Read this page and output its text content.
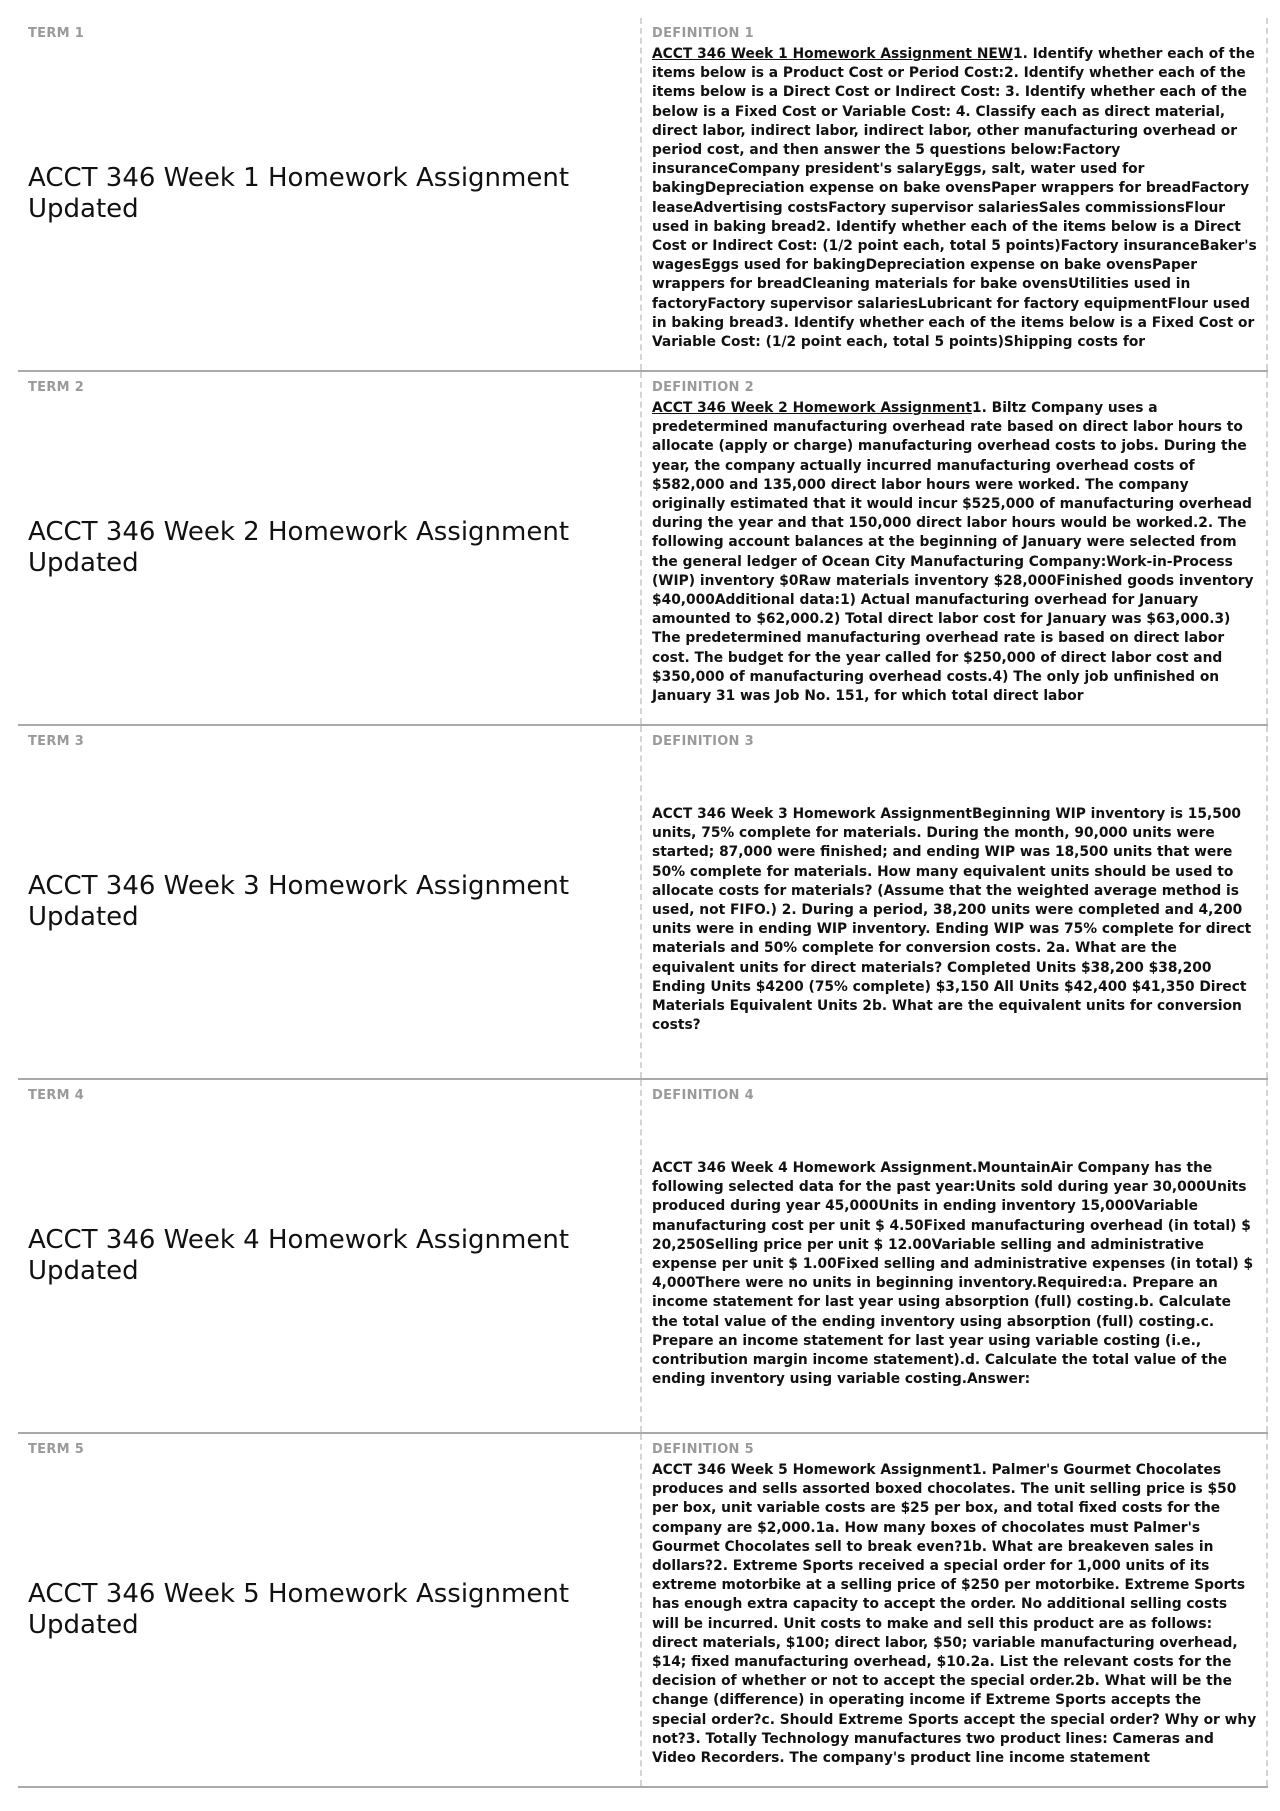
TERM 1
ACCT 346 Week 1 Homework Assignment Updated
DEFINITION 1
ACCT 346 Week 1 Homework Assignment NEW1. Identify whether each of the items below is a Product Cost or Period Cost:2. Identify whether each of the items below is a Direct Cost or Indirect Cost: 3. Identify whether each of the below is a Fixed Cost or Variable Cost: 4. Classify each as direct material, direct labor, indirect labor, indirect labor, other manufacturing overhead or period cost, and then answer the 5 questions below:Factory insuranceCompany president's salaryEggs, salt, water used for bakingDepreciation expense on bake ovensPaper wrappers for breadFactory leaseAdvertising costsFactory supervisor salariesSales commissionsFlour used in baking bread2. Identify whether each of the items below is a Direct Cost or Indirect Cost: (1/2 point each, total 5 points)Factory insuranceBaker's wagesEggs used for bakingDepreciation expense on bake ovensPaper wrappers for breadCleaning materials for bake ovensUtilities used in factoryFactory supervisor salariesLubricant for factory equipmentFlour used in baking bread3. Identify whether each of the items below is a Fixed Cost or Variable Cost: (1/2 point each, total 5 points)Shipping costs for
TERM 2
ACCT 346 Week 2 Homework Assignment Updated
DEFINITION 2
ACCT 346 Week 2 Homework Assignment1. Biltz Company uses a predetermined manufacturing overhead rate based on direct labor hours to allocate (apply or charge) manufacturing overhead costs to jobs. During the year, the company actually incurred manufacturing overhead costs of $582,000 and 135,000 direct labor hours were worked. The company originally estimated that it would incur $525,000 of manufacturing overhead during the year and that 150,000 direct labor hours would be worked.2. The following account balances at the beginning of January were selected from the general ledger of Ocean City Manufacturing Company:Work-in-Process (WIP) inventory $0Raw materials inventory $28,000Finished goods inventory $40,000Additional data:1) Actual manufacturing overhead for January amounted to $62,000.2) Total direct labor cost for January was $63,000.3) The predetermined manufacturing overhead rate is based on direct labor cost. The budget for the year called for $250,000 of direct labor cost and $350,000 of manufacturing overhead costs.4) The only job unfinished on January 31 was Job No. 151, for which total direct labor
TERM 3
ACCT 346 Week 3 Homework Assignment Updated
DEFINITION 3
ACCT 346 Week 3 Homework AssignmentBeginning WIP inventory is 15,500 units, 75% complete for materials. During the month, 90,000 units were started; 87,000 were finished; and ending WIP was 18,500 units that were 50% complete for materials. How many equivalent units should be used to allocate costs for materials? (Assume that the weighted average method is used, not FIFO.) 2. During a period, 38,200 units were completed and 4,200 units were in ending WIP inventory. Ending WIP was 75% complete for direct materials and 50% complete for conversion costs. 2a. What are the equivalent units for direct materials? Completed Units $38,200 $38,200 Ending Units $4200 (75% complete) $3,150 All Units $42,400 $41,350 Direct Materials Equivalent Units 2b. What are the equivalent units for conversion costs?
TERM 4
ACCT 346 Week 4 Homework Assignment Updated
DEFINITION 4
ACCT 346 Week 4 Homework Assignment.MountainAir Company has the following selected data for the past year:Units sold during year 30,000Units produced during year 45,000Units in ending inventory 15,000Variable manufacturing cost per unit $ 4.50Fixed manufacturing overhead (in total) $ 20,250Selling price per unit $ 12.00Variable selling and administrative expense per unit $ 1.00Fixed selling and administrative expenses (in total) $ 4,000There were no units in beginning inventory.Required:a. Prepare an income statement for last year using absorption (full) costing.b. Calculate the total value of the ending inventory using absorption (full) costing.c. Prepare an income statement for last year using variable costing (i.e., contribution margin income statement).d. Calculate the total value of the ending inventory using variable costing.Answer:
TERM 5
ACCT 346 Week 5 Homework Assignment Updated
DEFINITION 5
ACCT 346 Week 5 Homework Assignment1. Palmer's Gourmet Chocolates produces and sells assorted boxed chocolates. The unit selling price is $50 per box, unit variable costs are $25 per box, and total fixed costs for the company are $2,000.1a. How many boxes of chocolates must Palmer's Gourmet Chocolates sell to break even?1b. What are breakeven sales in dollars?2. Extreme Sports received a special order for 1,000 units of its extreme motorbike at a selling price of $250 per motorbike. Extreme Sports has enough extra capacity to accept the order. No additional selling costs will be incurred. Unit costs to make and sell this product are as follows: direct materials, $100; direct labor, $50; variable manufacturing overhead, $14; fixed manufacturing overhead, $10.2a. List the relevant costs for the decision of whether or not to accept the special order.2b. What will be the change (difference) in operating income if Extreme Sports accepts the special order?c. Should Extreme Sports accept the special order? Why or why not?3. Totally Technology manufactures two product lines: Cameras and Video Recorders. The company's product line income statement
